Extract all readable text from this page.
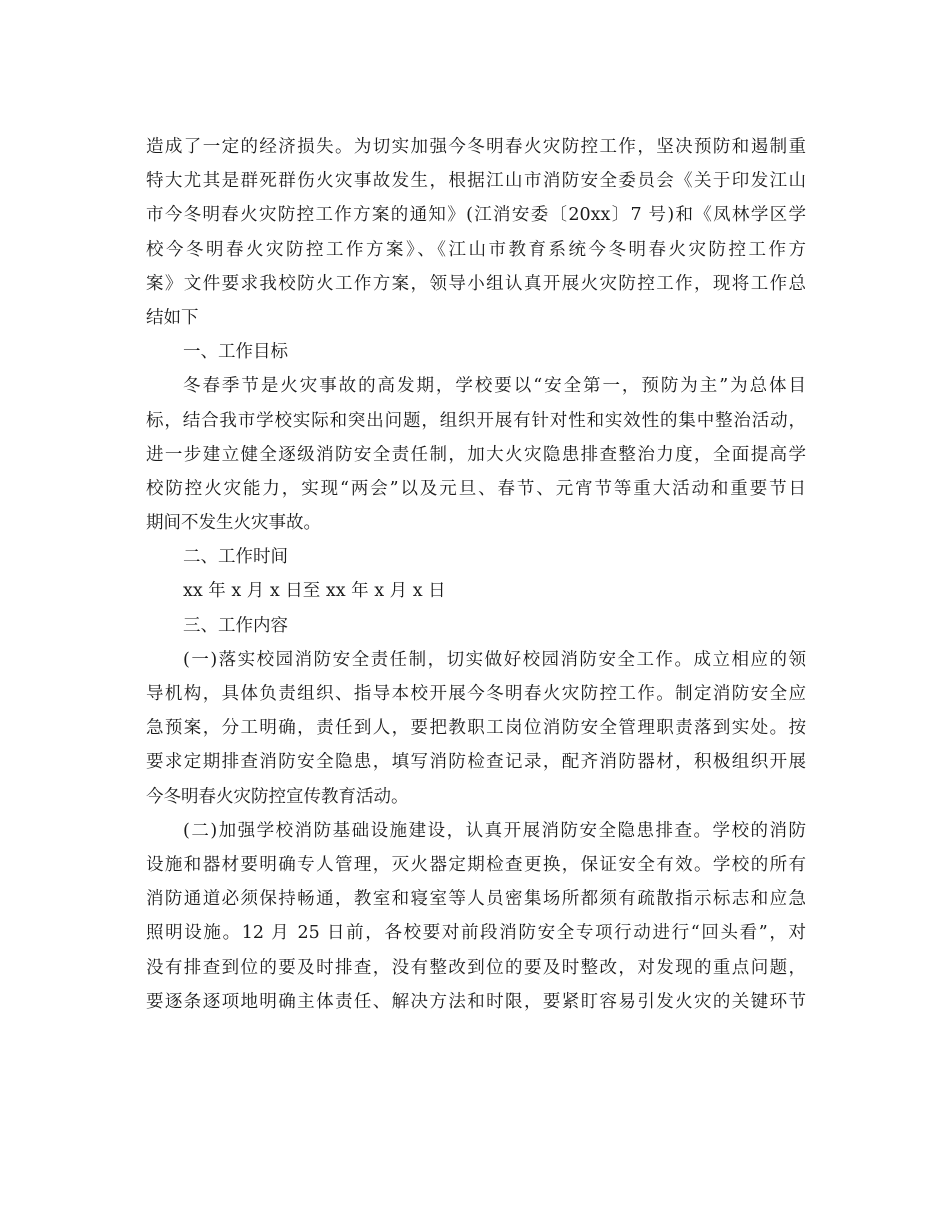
造成了一定的经济损失。为切实加强今冬明春火灾防控工作，坚决预防和遏制重
特大尤其是群死群伤火灾事故发生，根据江山市消防安全委员会《关于印发江山
市今冬明春火灾防控工作方案的通知》(江消安委〔20xx〕7 号)和《凤林学区学
校今冬明春火灾防控工作方案》、《江山市教育系统今冬明春火灾防控工作方
案》文件要求我校防火工作方案，领导小组认真开展火灾防控工作，现将工作总
结如下
一、工作目标
冬春季节是火灾事故的高发期，学校要以“安全第一，预防为主”为总体目
标，结合我市学校实际和突出问题，组织开展有针对性和实效性的集中整治活动，
进一步建立健全逐级消防安全责任制，加大火灾隐患排查整治力度，全面提高学
校防控火灾能力，实现“两会”以及元旦、春节、元宵节等重大活动和重要节日
期间不发生火灾事故。
二、工作时间
xx 年 x 月 x 日至 xx 年 x 月 x 日
三、工作内容
(一)落实校园消防安全责任制，切实做好校园消防安全工作。成立相应的领
导机构，具体负责组织、指导本校开展今冬明春火灾防控工作。制定消防安全应
急预案，分工明确，责任到人，要把教职工岗位消防安全管理职责落到实处。按
要求定期排查消防安全隐患，填写消防检查记录，配齐消防器材，积极组织开展
今冬明春火灾防控宣传教育活动。
(二)加强学校消防基础设施建设，认真开展消防安全隐患排查。学校的消防
设施和器材要明确专人管理，灭火器定期检查更换，保证安全有效。学校的所有
消防通道必须保持畅通，教室和寝室等人员密集场所都须有疏散指示标志和应急
照明设施。12 月 25 日前，各校要对前段消防安全专项行动进行“回头看”，对
没有排查到位的要及时排查，没有整改到位的要及时整改，对发现的重点问题，
要逐条逐项地明确主体责任、解决方法和时限，要紧盯容易引发火灾的关键环节
